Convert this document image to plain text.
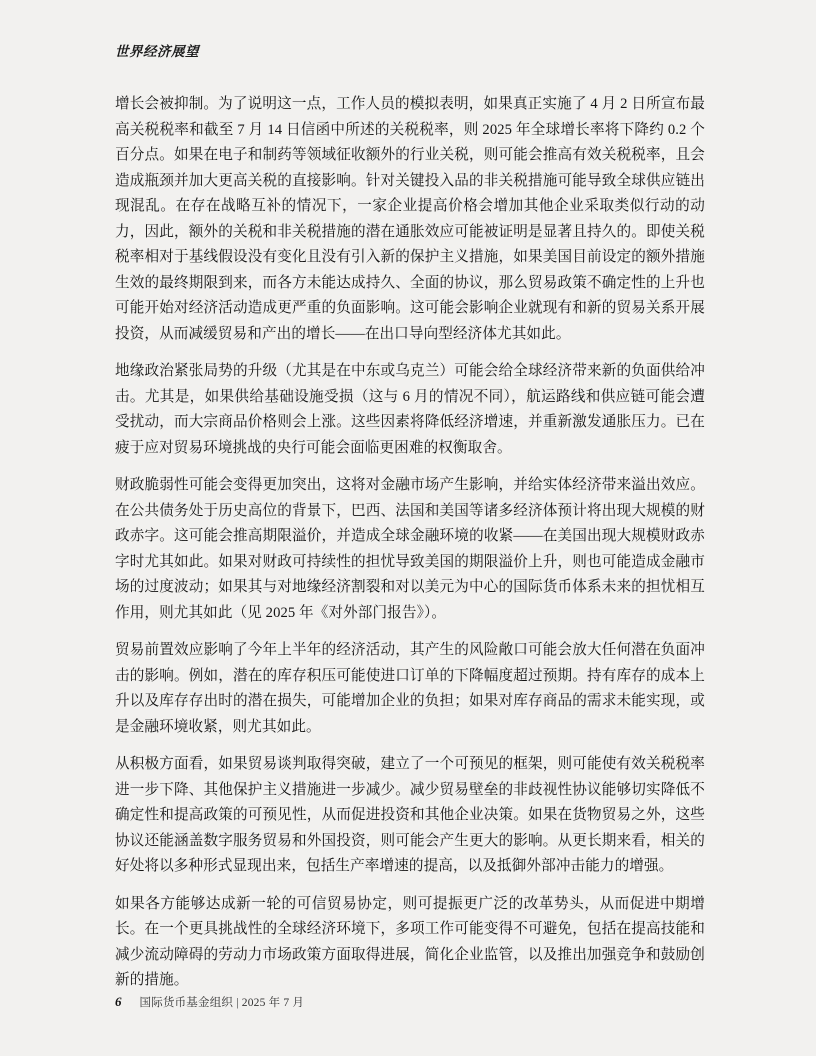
世界经济展望

增长会被抑制。为了说明这一点，工作人员的模拟表明，如果真正实施了 4 月 2 日所宣布最高关税税率和截至 7 月 14 日信函中所述的关税税率，则 2025 年全球增长率将下降约 0.2 个百分点。如果在电子和制药等领域征收额外的行业关税，则可能会推高有效关税税率，且会造成瓶颈并加大更高关税的直接影响。针对关键投入品的非关税措施可能导致全球供应链出现混乱。在存在战略互补的情况下，一家企业提高价格会增加其他企业采取类似行动的动力，因此，额外的关税和非关税措施的潜在通胀效应可能被证明是显著且持久的。即使关税税率相对于基线假设没有变化且没有引入新的保护主义措施，如果美国目前设定的额外措施生效的最终期限到来，而各方未能达成持久、全面的协议，那么贸易政策不确定性的上升也可能开始对经济活动造成更严重的负面影响。这可能会影响企业就现有和新的贸易关系开展投资，从而减缓贸易和产出的增长——在出口导向型经济体尤其如此。

地缘政治紧张局势的升级（尤其是在中东或乌克兰）可能会给全球经济带来新的负面供给冲击。尤其是，如果供给基础设施受损（这与 6 月的情况不同），航运路线和供应链可能会遭受扰动，而大宗商品价格则会上涨。这些因素将降低经济增速，并重新激发通胀压力。已在疲于应对贸易环境挑战的央行可能会面临更困难的权衡取舍。

财政脆弱性可能会变得更加突出，这将对金融市场产生影响，并给实体经济带来溢出效应。在公共债务处于历史高位的背景下，巴西、法国和美国等诸多经济体预计将出现大规模的财政赤字。这可能会推高期限溢价，并造成全球金融环境的收紧——在美国出现大规模财政赤字时尤其如此。如果对财政可持续性的担忧导致美国的期限溢价上升，则也可能造成金融市场的过度波动；如果其与对地缘经济割裂和对以美元为中心的国际货币体系未来的担忧相互作用，则尤其如此（见 2025 年《对外部门报告》）。

贸易前置效应影响了今年上半年的经济活动，其产生的风险敞口可能会放大任何潜在负面冲击的影响。例如，潜在的库存积压可能使进口订单的下降幅度超过预期。持有库存的成本上升以及库存存出时的潜在损失，可能增加企业的负担；如果对库存商品的需求未能实现，或是金融环境收紧，则尤其如此。

从积极方面看，如果贸易谈判取得突破，建立了一个可预见的框架，则可能使有效关税税率进一步下降、其他保护主义措施进一步减少。减少贸易壁垒的非歧视性协议能够切实降低不确定性和提高政策的可预见性，从而促进投资和其他企业决策。如果在货物贸易之外，这些协议还能涵盖数字服务贸易和外国投资，则可能会产生更大的影响。从更长期来看，相关的好处将以多种形式显现出来，包括生产率增速的提高，以及抵御外部冲击能力的增强。

如果各方能够达成新一轮的可信贸易协定，则可提振更广泛的改革势头，从而促进中期增长。在一个更具挑战性的全球经济环境下，多项工作可能变得不可避免，包括在提高技能和减少流动障碍的劳动力市场政策方面取得进展，简化企业监管，以及推出加强竞争和鼓励创新的措施。

6 国际货币基金组织 | 2025 年 7 月
